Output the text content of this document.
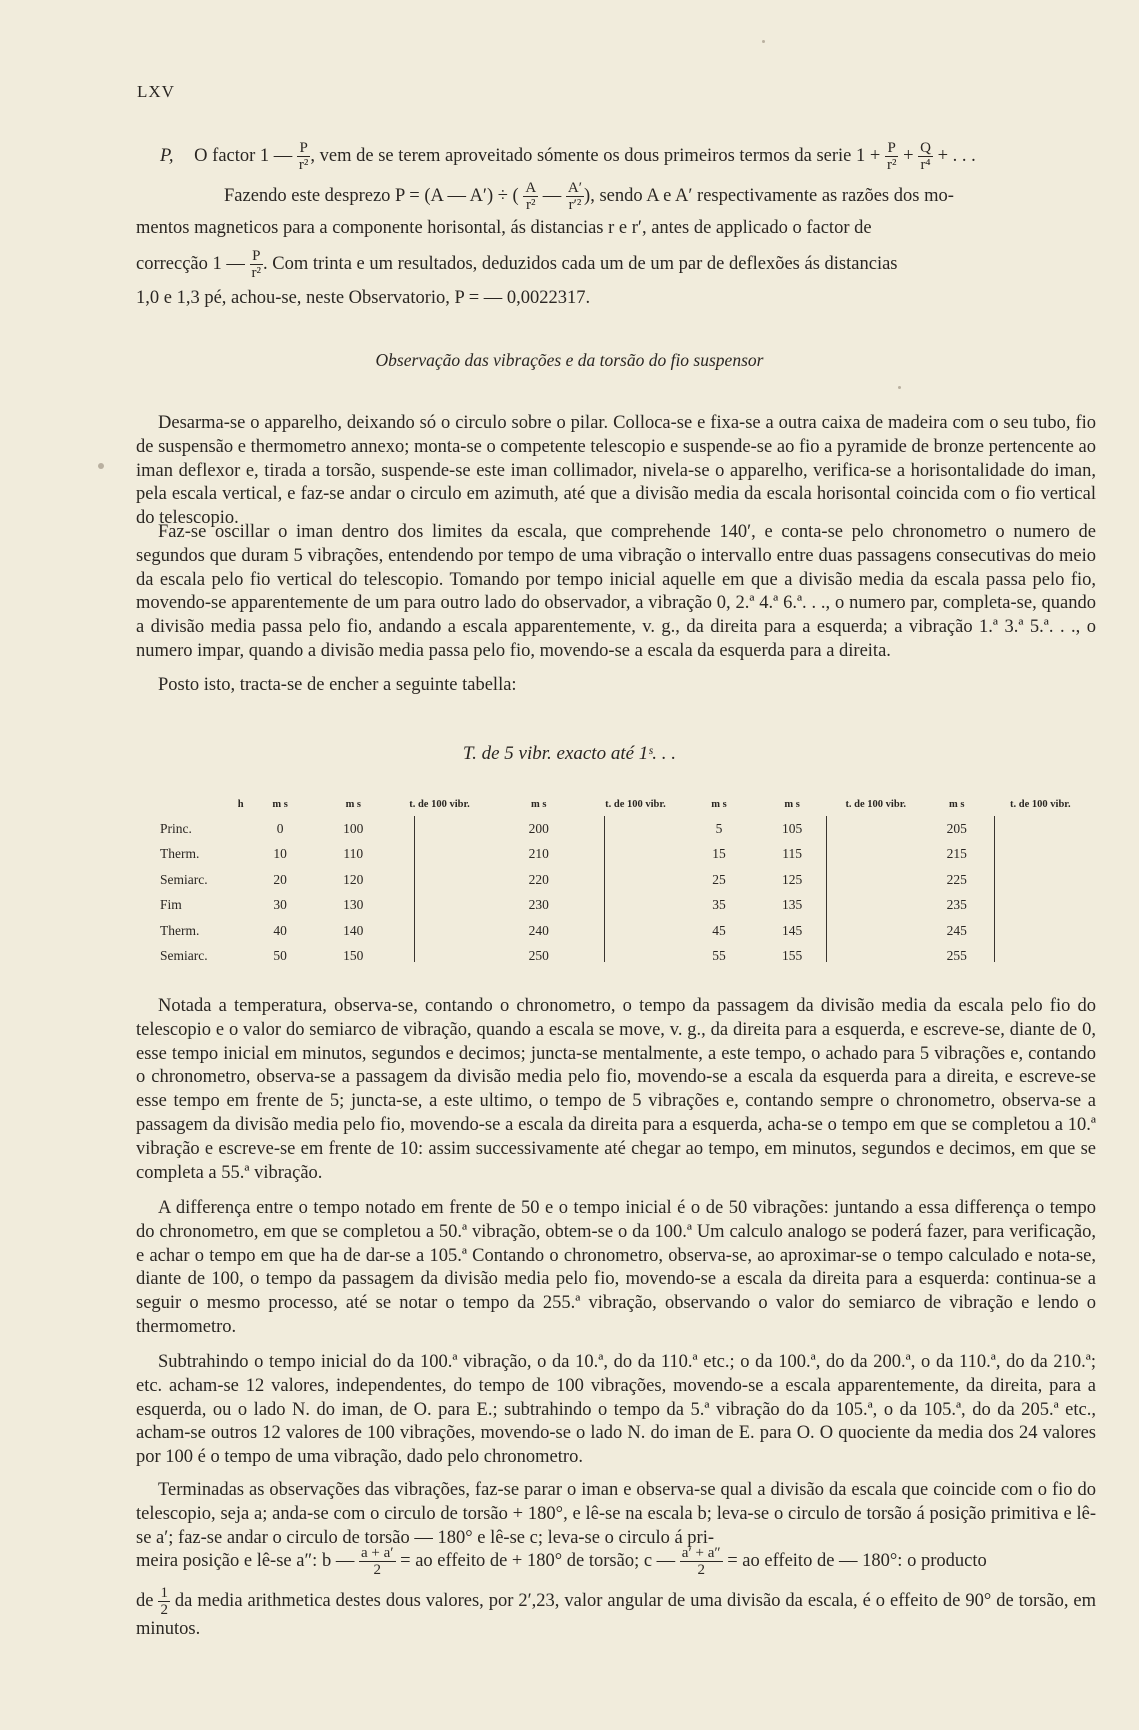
LXV
P, O factor 1 — $\frac{P}{\text{r²}}$ , vem de se terem aproveitado sómente os dous primeiros termos da serie $1 + \frac{P}{\text{r²}} + \frac{Q}{\text{r⁴}}$ + . . .
Fazendo este desprezo P = (A — A′) ÷ ( $\frac{A}{\text{r²}}$ — $\frac{A'}{\text{r′²}}$ ), sendo A e A′ respectivamente as razões dos mo-
mentos magneticos para a componente horisontal, ás distancias r e r′, antes de applicado o factor de
correcção 1 — $\frac{P}{\text{r²}}$ . Com trinta e um resultados, deduzidos cada um de um par de deflexões ás distancias
1,0 e 1,3 pé, achou-se, neste Observatorio, P = — 0,0022317.
Observação das vibrações e da torsão do fio suspensor

Desarma-se o apparelho, deixando só o circulo sobre o pilar. Colloca-se e fixa-se a outra caixa de madeira com o seu tubo, fio de suspensão e thermometro annexo; monta-se o competente telescopio e suspende-se ao fio a pyramide de bronze pertencente ao iman deflexor e, tirada a torsão, suspende-se este iman collimador, nivela-se o apparelho, verifica-se a horisontalidade do iman, pela escala vertical, e faz-se andar o circulo em azimuth, até que a divisão media da escala horisontal coincida com o fio vertical do telescopio.

Faz-se oscillar o iman dentro dos limites da escala, que comprehende 140′, e conta-se pelo chronometro o numero de segundos que duram 5 vibrações, entendendo por tempo de uma vibração o intervallo entre duas passagens consecutivas do meio da escala pelo fio vertical do telescopio. Tomando por tempo inicial aquelle em que a divisão media da escala passa pelo fio, movendo-se apparentemente de um para outro lado do observador, a vibração 0, 2.ª 4.ª 6.ª. . ., o numero par, completa-se, quando a divisão media passa pelo fio, andando a escala apparentemente, v. g., da direita para a esquerda; a vibração 1.ª 3.ª 5.ª. . ., o numero impar, quando a divisão media passa pelo fio, movendo-se a escala da esquerda para a direita.

Posto isto, tracta-se de encher a seguinte tabella:

T. de 5 vibr. exacto até 1ˢ. . .
h	m s	m s	t. de 100 vibr.	m s	t. de 100 vibr.	m s	m s	t. de 100 vibr.	m s	t. de 100 vibr.
Princ.	0	100		200		5	105		205	
Therm.	10	110		210		15	115		215	
Semiarc.	20	120		220		25	125		225	
Fim	30	130		230		35	135		235	
Therm.	40	140		240		45	145		245	
Semiarc.	50	150		250		55	155		255	

Notada a temperatura, observa-se, contando o chronometro, o tempo da passagem da divisão media da escala pelo fio do telescopio e o valor do semiarco de vibração, quando a escala se move, v. g., da direita para a esquerda, e escreve-se, diante de 0, esse tempo inicial em minutos, segundos e decimos; juncta-se mentalmente, a este tempo, o achado para 5 vibrações e, contando o chronometro, observa-se a passagem da divisão media pelo fio, movendo-se a escala da esquerda para a direita, e escreve-se esse tempo em frente de 5; juncta-se, a este ultimo, o tempo de 5 vibrações e, contando sempre o chronometro, observa-se a passagem da divisão media pelo fio, movendo-se a escala da direita para a esquerda, acha-se o tempo em que se completou a 10.ª vibração e escreve-se em frente de 10: assim successivamente até chegar ao tempo, em minutos, segundos e decimos, em que se completa a 55.ª vibração.

A differença entre o tempo notado em frente de 50 e o tempo inicial é o de 50 vibrações: juntando a essa differença o tempo do chronometro, em que se completou a 50.ª vibração, obtem-se o da 100.ª Um calculo analogo se poderá fazer, para verificação, e achar o tempo em que ha de dar-se a 105.ª Contando o chronometro, observa-se, ao aproximar-se o tempo calculado e nota-se, diante de 100, o tempo da passagem da divisão media pelo fio, movendo-se a escala da direita para a esquerda: continua-se a seguir o mesmo processo, até se notar o tempo da 255.ª vibração, observando o valor do semiarco de vibração e lendo o thermometro.

Subtrahindo o tempo inicial do da 100.ª vibração, o da 10.ª, do da 110.ª etc.; o da 100.ª, do da 200.ª, o da 110.ª, do da 210.ª; etc. acham-se 12 valores, independentes, do tempo de 100 vibrações, movendo-se a escala apparentemente, da direita, para a esquerda, ou o lado N. do iman, de O. para E.; subtrahindo o tempo da 5.ª vibração do da 105.ª, o da 105.ª, do da 205.ª etc., acham-se outros 12 valores de 100 vibrações, movendo-se o lado N. do iman de E. para O. O quociente da media dos 24 valores por 100 é o tempo de uma vibração, dado pelo chronometro.

Terminadas as observações das vibrações, faz-se parar o iman e observa-se qual a divisão da escala que coincide com o fio do telescopio, seja a; anda-se com o circulo de torsão + 180°, e lê-se na escala b; leva-se o circulo de torsão á posição primitiva e lê-se a′; faz-se andar o circulo de torsão — 180° e lê-se c; leva-se o circulo á pri-

meira posição e lê-se a″: b — $\frac{a + a'}{2}$ = ao effeito de + 180° de torsão; c — $\frac{a' + a''}{2}$ = ao effeito de — 180°: o producto

de $\frac{1}{2}$ da media arithmetica destes dous valores, por 2′,23, valor angular de uma divisão da escala, é o effeito de 90° de torsão, em minutos.
